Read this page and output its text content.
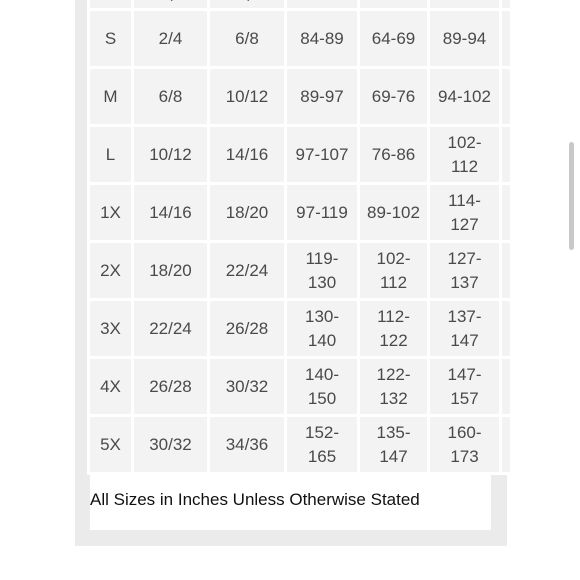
S	2/4	6/8	84-89	64-69	89-94	
M	6/8	10/12	89-97	69-76	94-102	
L	10/12	14/16	97-107	76-86	102-112	
1X	14/16	18/20	97-119	89-102	114-127	
2X	18/20	22/24	119-130	102-112	127-137	
3X	22/24	26/28	130-140	112-122	137-147	
4X	26/28	30/32	140-150	122-132	147-157	
5X	30/32	34/36	152-165	135-147	160-173	
All Sizes in Inches Unless Otherwise Stated
